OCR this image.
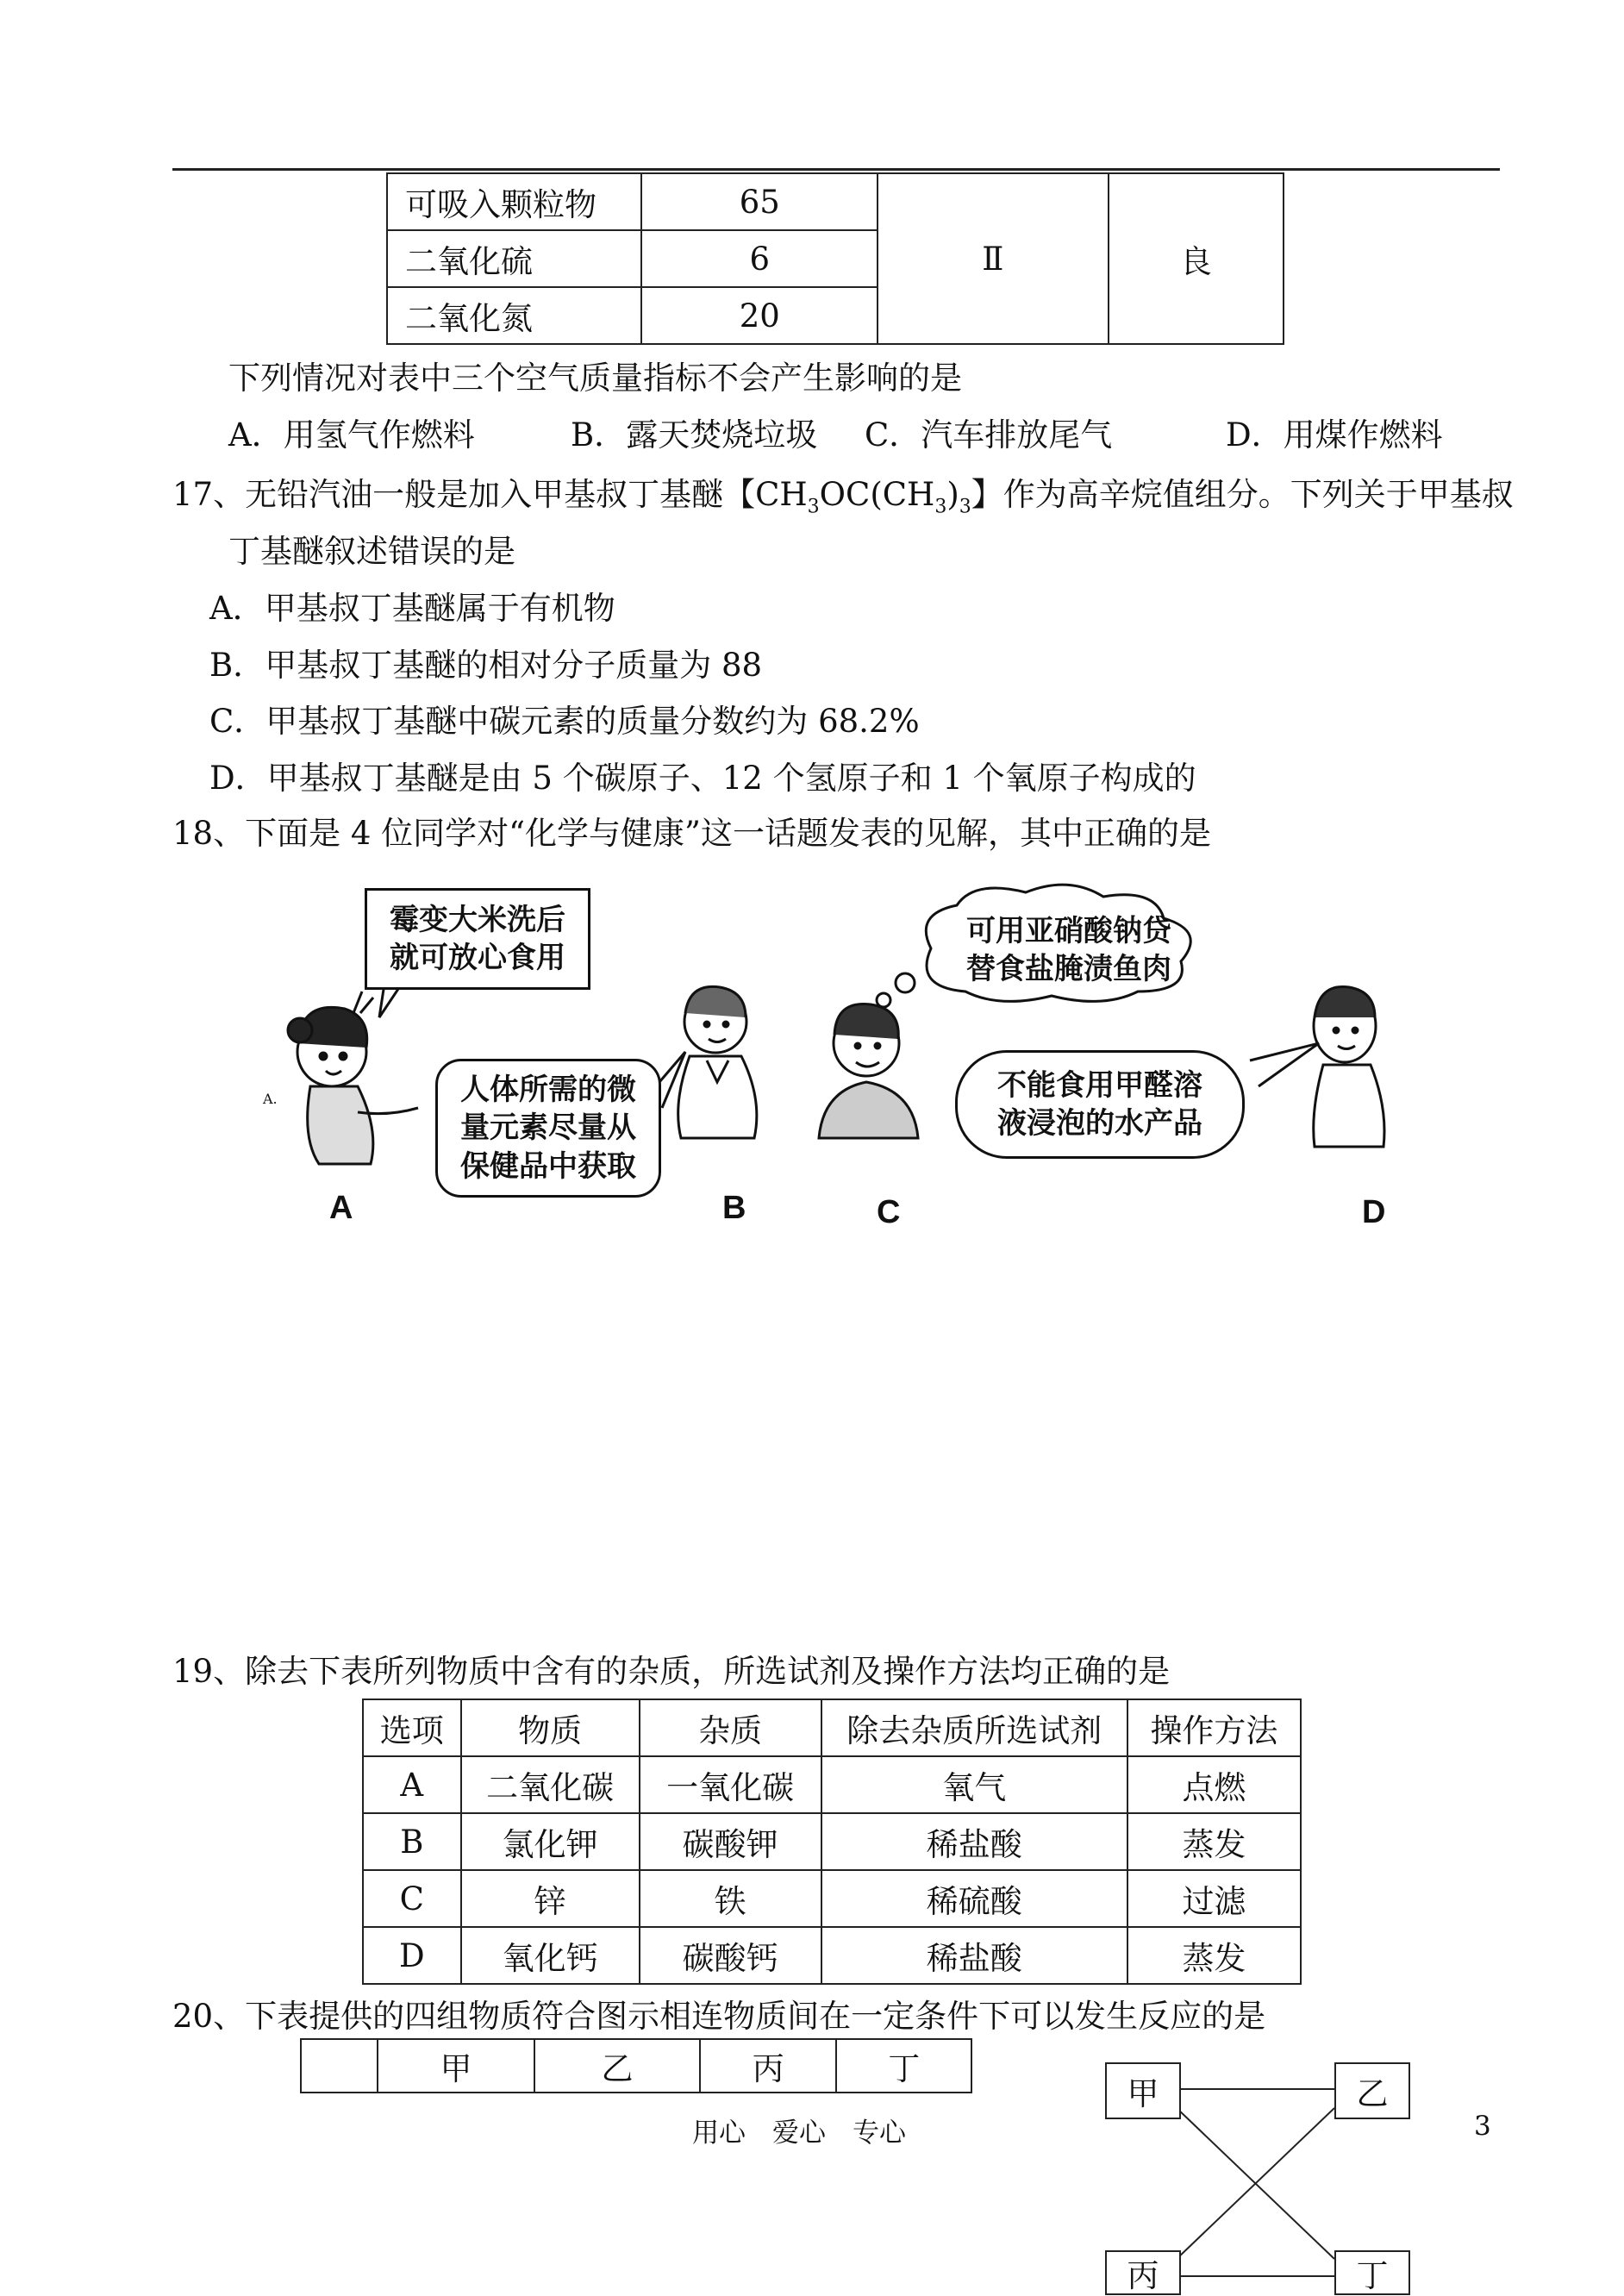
可吸入颗粒物	65	Ⅱ	良
二氧化硫	6		
二氧化氮	20		
下列情况对表中三个空气质量指标不会产生影响的是
A．用氢气作燃料	B．露天焚烧垃圾 C．汽车排放尾气	D．用煤作燃料
17、无铅汽油一般是加入甲基叔丁基醚【$CH_3OC(CH_3)_3$】作为高辛烷值组分。下列关于甲基叔
丁基醚叙述错误的是
A．甲基叔丁基醚属于有机物
B．甲基叔丁基醚的相对分子质量为 88
C．甲基叔丁基醚中碳元素的质量分数约为 68.2%
D．甲基叔丁基醚是由 5 个碳原子、12 个氢原子和 1 个氧原子构成的
18、下面是 4 位同学对“化学与健康”这一话题发表的见解，其中正确的是
霉变大米洗后
就可放心食用
人体所需的微
量元素尽量从
保健品中获取
可用亚硝酸钠贷
替食盐腌渍鱼肉
不能食用甲醛溶
液浸泡的水产品
A.
A	B	C	D
19、除去下表所列物质中含有的杂质，所选试剂及操作方法均正确的是
选项	物质	杂质	除去杂质所选试剂	操作方法
A	二氧化碳	一氧化碳	氧气	点燃
B	氯化钾	碳酸钾	稀盐酸	蒸发
C	锌	铁	稀硫酸	过滤
D	氧化钙	碳酸钙	稀盐酸	蒸发
20、下表提供的四组物质符合图示相连物质间在一定条件下可以发生反应的是
	甲	乙	丙	丁
甲	乙
丙	丁
用心　爱心　专心	3
